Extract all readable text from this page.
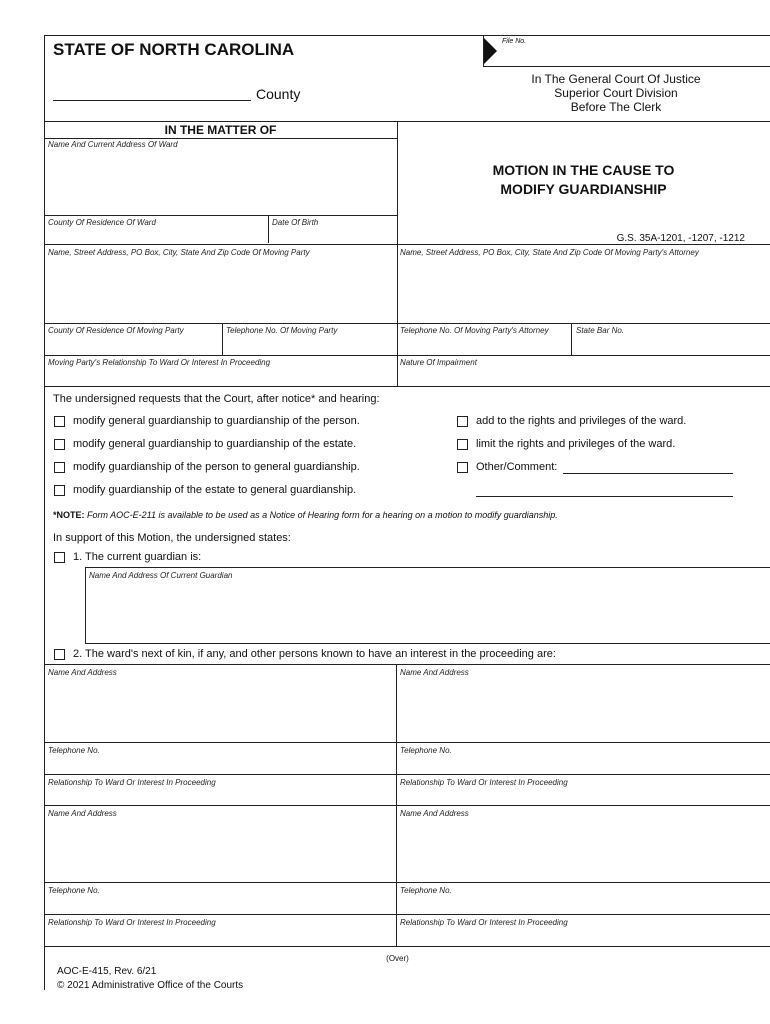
STATE OF NORTH CAROLINA
County
File No.
In The General Court Of Justice
Superior Court Division
Before The Clerk
IN THE MATTER OF
Name And Current Address Of Ward
County Of Residence Of Ward	Date Of Birth
MOTION IN THE CAUSE TO
MODIFY GUARDIANSHIP
G.S. 35A-1201, -1207, -1212
Name, Street Address, PO Box, City, State And Zip Code Of Moving Party	Name, Street Address, PO Box, City, State And Zip Code Of Moving Party's Attorney
County Of Residence Of Moving Party	Telephone No. Of Moving Party	Telephone No. Of Moving Party's Attorney	State Bar No.
Moving Party's Relationship To Ward Or Interest In Proceeding	Nature Of Impairment
The undersigned requests that the Court, after notice* and hearing:
modify general guardianship to guardianship of the person.
modify general guardianship to guardianship of the estate.
modify guardianship of the person to general guardianship.
modify guardianship of the estate to general guardianship.
add to the rights and privileges of the ward.
limit the rights and privileges of the ward.
Other/Comment:
*NOTE: Form AOC-E-211 is available to be used as a Notice of Hearing form for a hearing on a motion to modify guardianship.
In support of this Motion, the undersigned states:
1. The current guardian is:
Name And Address Of Current Guardian
2. The ward's next of kin, if any, and other persons known to have an interest in the proceeding are:
Name And Address	Name And Address
Telephone No.	Telephone No.
Relationship To Ward Or Interest In Proceeding	Relationship To Ward Or Interest In Proceeding
Name And Address	Name And Address
Telephone No.	Telephone No.
Relationship To Ward Or Interest In Proceeding	Relationship To Ward Or Interest In Proceeding
(Over)
AOC-E-415, Rev. 6/21
© 2021 Administrative Office of the Courts
